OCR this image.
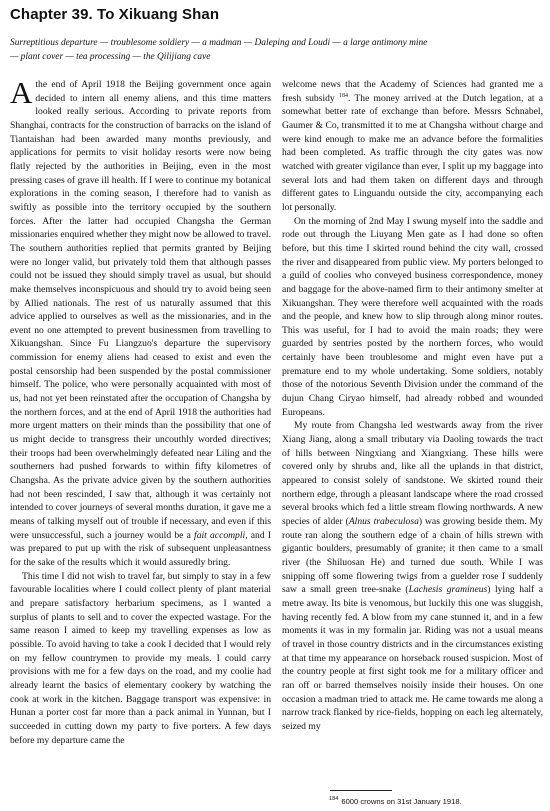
Chapter 39. To Xikuang Shan
Surreptitious departure — troublesome soldiery — a madman — Daleping and Loudi — a large antimony mine
— plant cover — tea processing — the Qilijiang cave

Athe end of April 1918 the Beijing government once again decided to intern all enemy aliens, and this time matters looked really serious. According to private reports from Shanghai, contracts for the construction of barracks on the island of Tiantaishan had been awarded many months previously, and applications for permits to visit holiday resorts were now being flatly rejected by the authorities in Beijing, even in the most pressing cases of grave ill health. If I were to continue my botanical explorations in the coming season, I therefore had to vanish as swiftly as possible into the territory occupied by the southern forces. After the latter had occupied Changsha the German missionaries enquired whether they might now be allowed to travel. The southern authorities replied that permits granted by Beijing were no longer valid, but privately told them that although passes could not be issued they should simply travel as usual, but should make themselves inconspicuous and should try to avoid being seen by Allied nationals. The rest of us naturally assumed that this advice applied to ourselves as well as the missionaries, and in the event no one attempted to prevent businessmen from travelling to Xikuangshan. Since Fu Liangzuo's departure the supervisory commission for enemy aliens had ceased to exist and even the postal censorship had been suspended by the postal commissioner himself. The police, who were personally acquainted with most of us, had not yet been reinstated after the occupation of Changsha by the northern forces, and at the end of April 1918 the authorities had more urgent matters on their minds than the possibility that one of us might decide to transgress their uncouthly worded directives; their troops had been overwhelmingly defeated near Liling and the southerners had pushed forwards to within fifty kilometres of Changsha. As the private advice given by the southern authorities had not been rescinded, I saw that, although it was certainly not intended to cover journeys of several months duration, it gave me a means of talking myself out of trouble if necessary, and even if this were unsuccessful, such a journey would be a fait accompli, and I was prepared to put up with the risk of subsequent unpleasantness for the sake of the results which it would assuredly bring.

This time I did not wish to travel far, but simply to stay in a few favourable localities where I could collect plenty of plant material and prepare satisfactory herbarium specimens, as I wanted a surplus of plants to sell and to cover the expected wastage. For the same reason I aimed to keep my travelling expenses as low as possible. To avoid having to take a cook I decided that I would rely on my fellow countrymen to provide my meals. I could carry provisions with me for a few days on the road, and my coolie had already learnt the basics of elementary cookery by watching the cook at work in the kitchen. Baggage transport was expensive: in Hunan a porter cost far more than a pack animal in Yunnan, but I succeeded in cutting down my party to five porters. A few days before my departure came the

welcome news that the Academy of Sciences had granted me a fresh subsidy $^{184}$. The money arrived at the Dutch legation, at a somewhat better rate of exchange than before. Messrs Schnabel, Gaumer & Co, transmitted it to me at Changsha without charge and were kind enough to make me an advance before the formalities had been completed. As traffic through the city gates was now watched with greater vigilance than ever, I split up my baggage into several lots and had them taken on different days and through different gates to Linguandu outside the city, accompanying each lot personally.

On the morning of 2nd May I swung myself into the saddle and rode out through the Liuyang Men gate as I had done so often before, but this time I skirted round behind the city wall, crossed the river and disappeared from public view. My porters belonged to a guild of coolies who conveyed business correspondence, money and baggage for the above-named firm to their antimony smelter at Xikuangshan. They were therefore well acquainted with the roads and the people, and knew how to slip through along minor routes. This was useful, for I had to avoid the main roads; they were guarded by sentries posted by the northern forces, who would certainly have been troublesome and might even have put a premature end to my whole undertaking. Some soldiers, notably those of the notorious Seventh Division under the command of the dujun Chang Ciryao himself, had already robbed and wounded Europeans.

My route from Changsha led westwards away from the river Xiang Jiang, along a small tributary via Daoling towards the tract of hills between Ningxiang and Xiangxiang. These hills were covered only by shrubs and, like all the uplands in that district, appeared to consist solely of sandstone. We skirted round their northern edge, through a pleasant landscape where the road crossed several brooks which fed a little stream flowing northwards. A new species of alder (Alnus trabeculosa) was growing beside them. My route ran along the southern edge of a chain of hills strewn with gigantic boulders, presumably of granite; it then came to a small river (the Shiluosan He) and turned due south. While I was snipping off some flowering twigs from a guelder rose I suddenly saw a small green tree-snake (Lachesis gramineus) lying half a metre away. Its bite is venomous, but luckily this one was sluggish, having recently fed. A blow from my cane stunned it, and in a few moments it was in my formalin jar. Riding was not a usual means of travel in those country districts and in the circumstances existing at that time my appearance on horseback roused suspicion. Most of the country people at first sight took me for a military officer and ran off or barred themselves noisily inside their houses. On one occasion a madman tried to attack me. He came towards me along a narrow track flanked by rice-fields, hopping on each leg alternately, seized my

$^{184}$ 6000 crowns on 31st January 1918.
